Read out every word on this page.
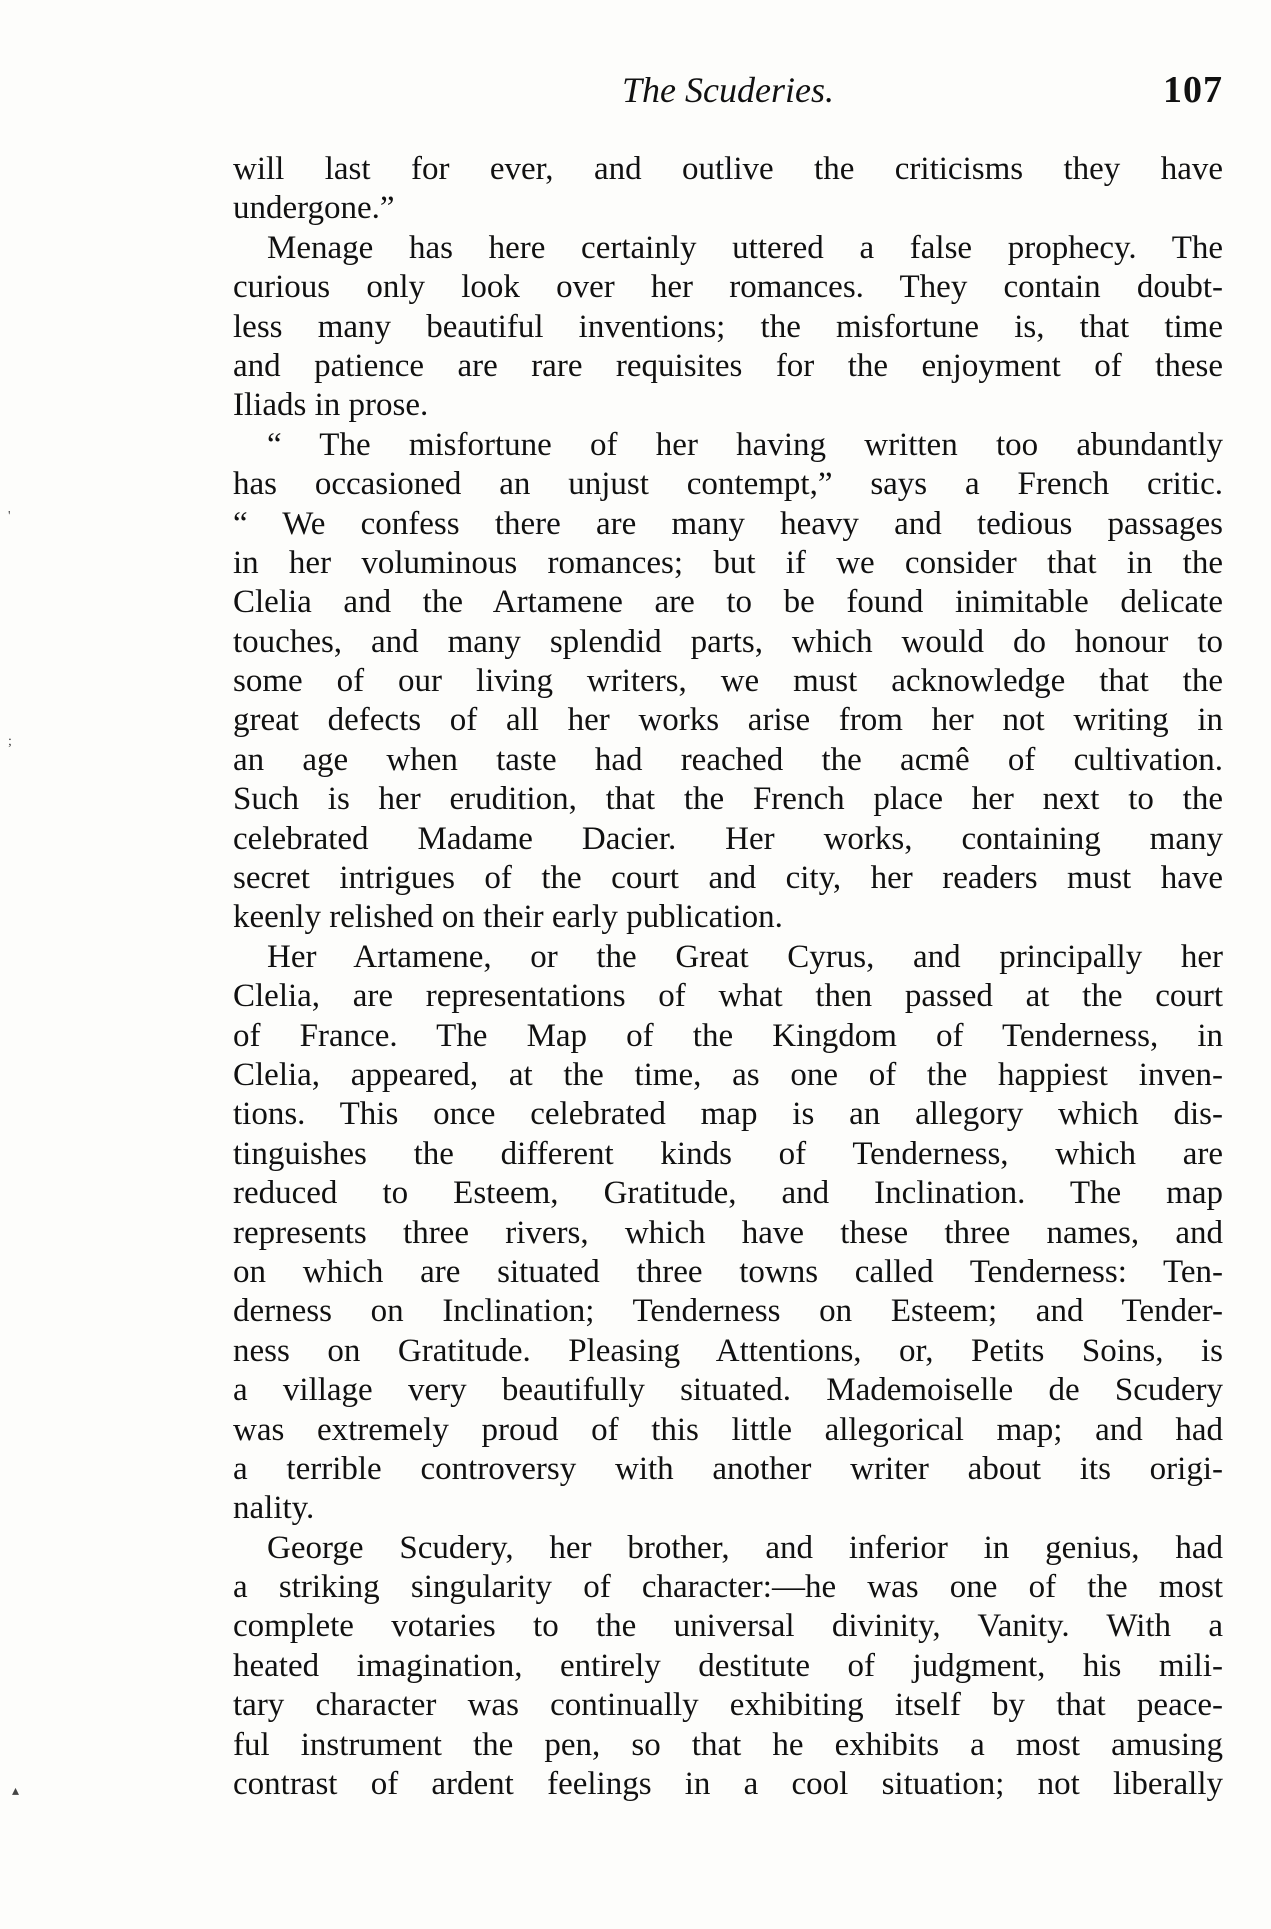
The Scuderies.	107
will last for ever, and outlive the criticisms they have
undergone.”
Menage has here certainly uttered a false prophecy. The
curious only look over her romances. They contain doubt-
less many beautiful inventions; the misfortune is, that time
and patience are rare requisites for the enjoyment of these
Iliads in prose.
“ The misfortune of her having written too abundantly
has occasioned an unjust contempt,” says a French critic.
“ We confess there are many heavy and tedious passages
in her voluminous romances; but if we consider that in the
Clelia and the Artamene are to be found inimitable delicate
touches, and many splendid parts, which would do honour to
some of our living writers, we must acknowledge that the
great defects of all her works arise from her not writing in
an age when taste had reached the acmê of cultivation.
Such is her erudition, that the French place her next to the
celebrated Madame Dacier. Her works, containing many
secret intrigues of the court and city, her readers must have
keenly relished on their early publication.
Her Artamene, or the Great Cyrus, and principally her
Clelia, are representations of what then passed at the court
of France. The Map of the Kingdom of Tenderness, in
Clelia, appeared, at the time, as one of the happiest inven-
tions. This once celebrated map is an allegory which dis-
tinguishes the different kinds of Tenderness, which are
reduced to Esteem, Gratitude, and Inclination. The map
represents three rivers, which have these three names, and
on which are situated three towns called Tenderness: Ten-
derness on Inclination; Tenderness on Esteem; and Tender-
ness on Gratitude. Pleasing Attentions, or, Petits Soins, is
a village very beautifully situated. Mademoiselle de Scudery
was extremely proud of this little allegorical map; and had
a terrible controversy with another writer about its origi-
nality.
George Scudery, her brother, and inferior in genius, had
a striking singularity of character:—he was one of the most
complete votaries to the universal divinity, Vanity. With a
heated imagination, entirely destitute of judgment, his mili-
tary character was continually exhibiting itself by that peace-
ful instrument the pen, so that he exhibits a most amusing
contrast of ardent feelings in a cool situation; not liberally
'
;
▴
